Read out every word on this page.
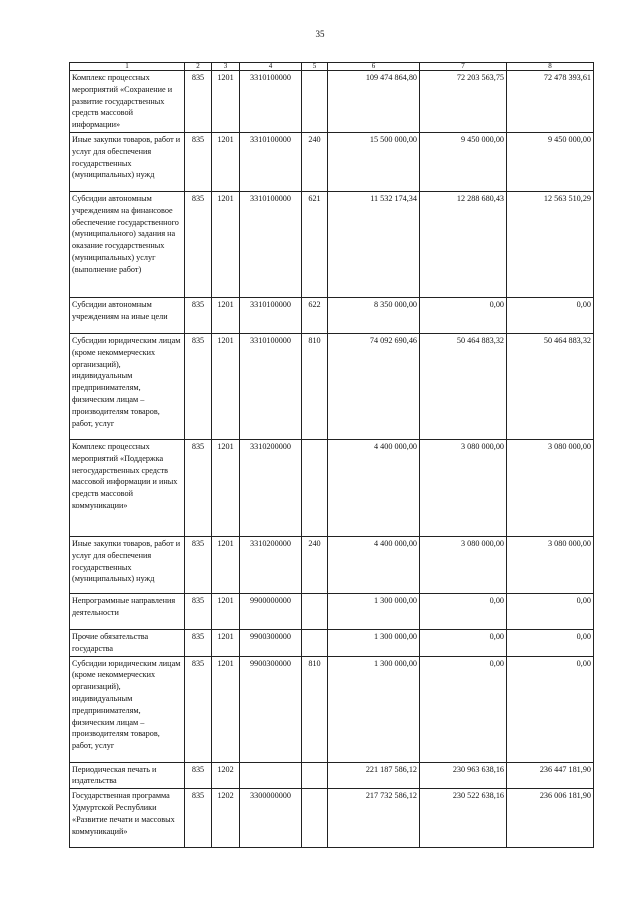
35
1	2	3	4	5	6	7	8
Комплекс процессных мероприятий «Сохранение и развитие государственных средств массовой информации»	835	1201	3310100000		109 474 864,80	72 203 563,75	72 478 393,61
Иные закупки товаров, работ и услуг для обеспечения государственных (муниципальных) нужд	835	1201	3310100000	240	15 500 000,00	9 450 000,00	9 450 000,00
Субсидии автономным учреждениям на финансовое обеспечение государственного (муниципального) задания на оказание государственных (муниципальных) услуг (выполнение работ)	835	1201	3310100000	621	11 532 174,34	12 288 680,43	12 563 510,29
Субсидии автономным учреждениям на иные цели	835	1201	3310100000	622	8 350 000,00	0,00	0,00
Субсидии юридическим лицам (кроме некоммерческих организаций), индивидуальным предпринимателям, физическим лицам – производителям товаров, работ, услуг	835	1201	3310100000	810	74 092 690,46	50 464 883,32	50 464 883,32
Комплекс процессных мероприятий «Поддержка негосударственных средств массовой информации и иных средств массовой коммуникации»	835	1201	3310200000		4 400 000,00	3 080 000,00	3 080 000,00
Иные закупки товаров, работ и услуг для обеспечения государственных (муниципальных) нужд	835	1201	3310200000	240	4 400 000,00	3 080 000,00	3 080 000,00
Непрограммные направления деятельности	835	1201	9900000000		1 300 000,00	0,00	0,00
Прочие обязательства государства	835	1201	9900300000		1 300 000,00	0,00	0,00
Субсидии юридическим лицам (кроме некоммерческих организаций), индивидуальным предпринимателям, физическим лицам – производителям товаров, работ, услуг	835	1201	9900300000	810	1 300 000,00	0,00	0,00
Периодическая печать и издательства	835	1202			221 187 586,12	230 963 638,16	236 447 181,90
Государственная программа Удмуртской Республики «Развитие печати и массовых коммуникаций»	835	1202	3300000000		217 732 586,12	230 522 638,16	236 006 181,90
